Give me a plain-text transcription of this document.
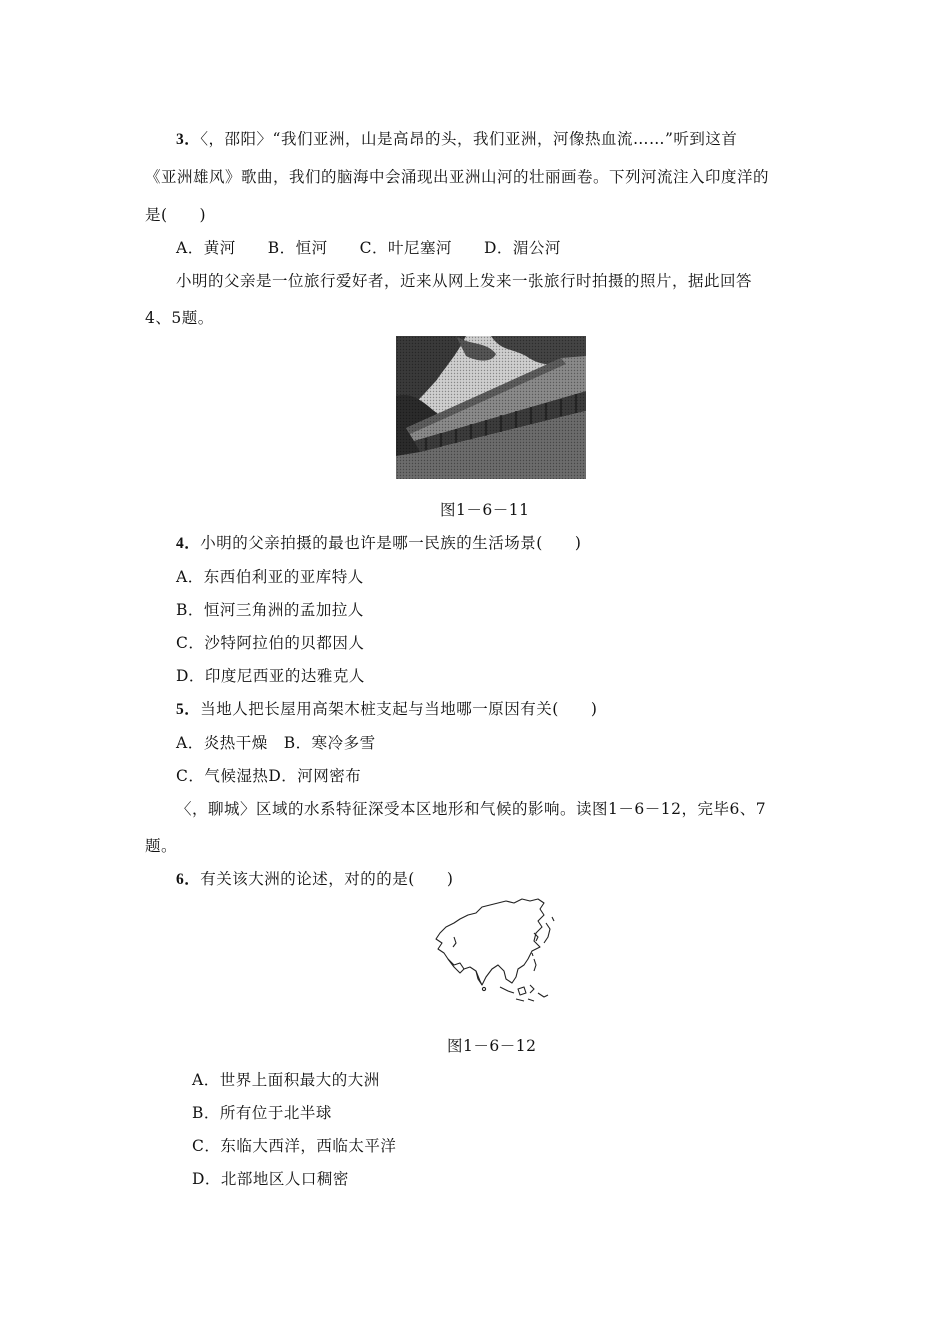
3．〈，邵阳〉“我们亚洲，山是高昂的头，我们亚洲，河像热血流……”听到这首
《亚洲雄风》歌曲，我们的脑海中会涌现出亚洲山河的壮丽画卷。下列河流注入印度洋的
是(　　)
A．黄河　　B．恒河　　C．叶尼塞河　　D．湄公河
小明的父亲是一位旅行爱好者，近来从网上发来一张旅行时拍摄的照片，据此回答
4、5题。
图1－6－11
4．小明的父亲拍摄的最也许是哪一民族的生活场景(　　)
A．东西伯利亚的亚库特人
B．恒河三角洲的孟加拉人
C．沙特阿拉伯的贝都因人
D．印度尼西亚的达雅克人
5．当地人把长屋用高架木桩支起与当地哪一原因有关(　　)
A．炎热干燥　B．寒冷多雪
C．气候湿热D．河网密布
〈，聊城〉区域的水系特征深受本区地形和气候的影响。读图1－6－12，完毕6、7
题。
6．有关该大洲的论述，对的的是(　　)
图1－6－12
A．世界上面积最大的大洲
B．所有位于北半球
C．东临大西洋，西临太平洋
D．北部地区人口稠密
